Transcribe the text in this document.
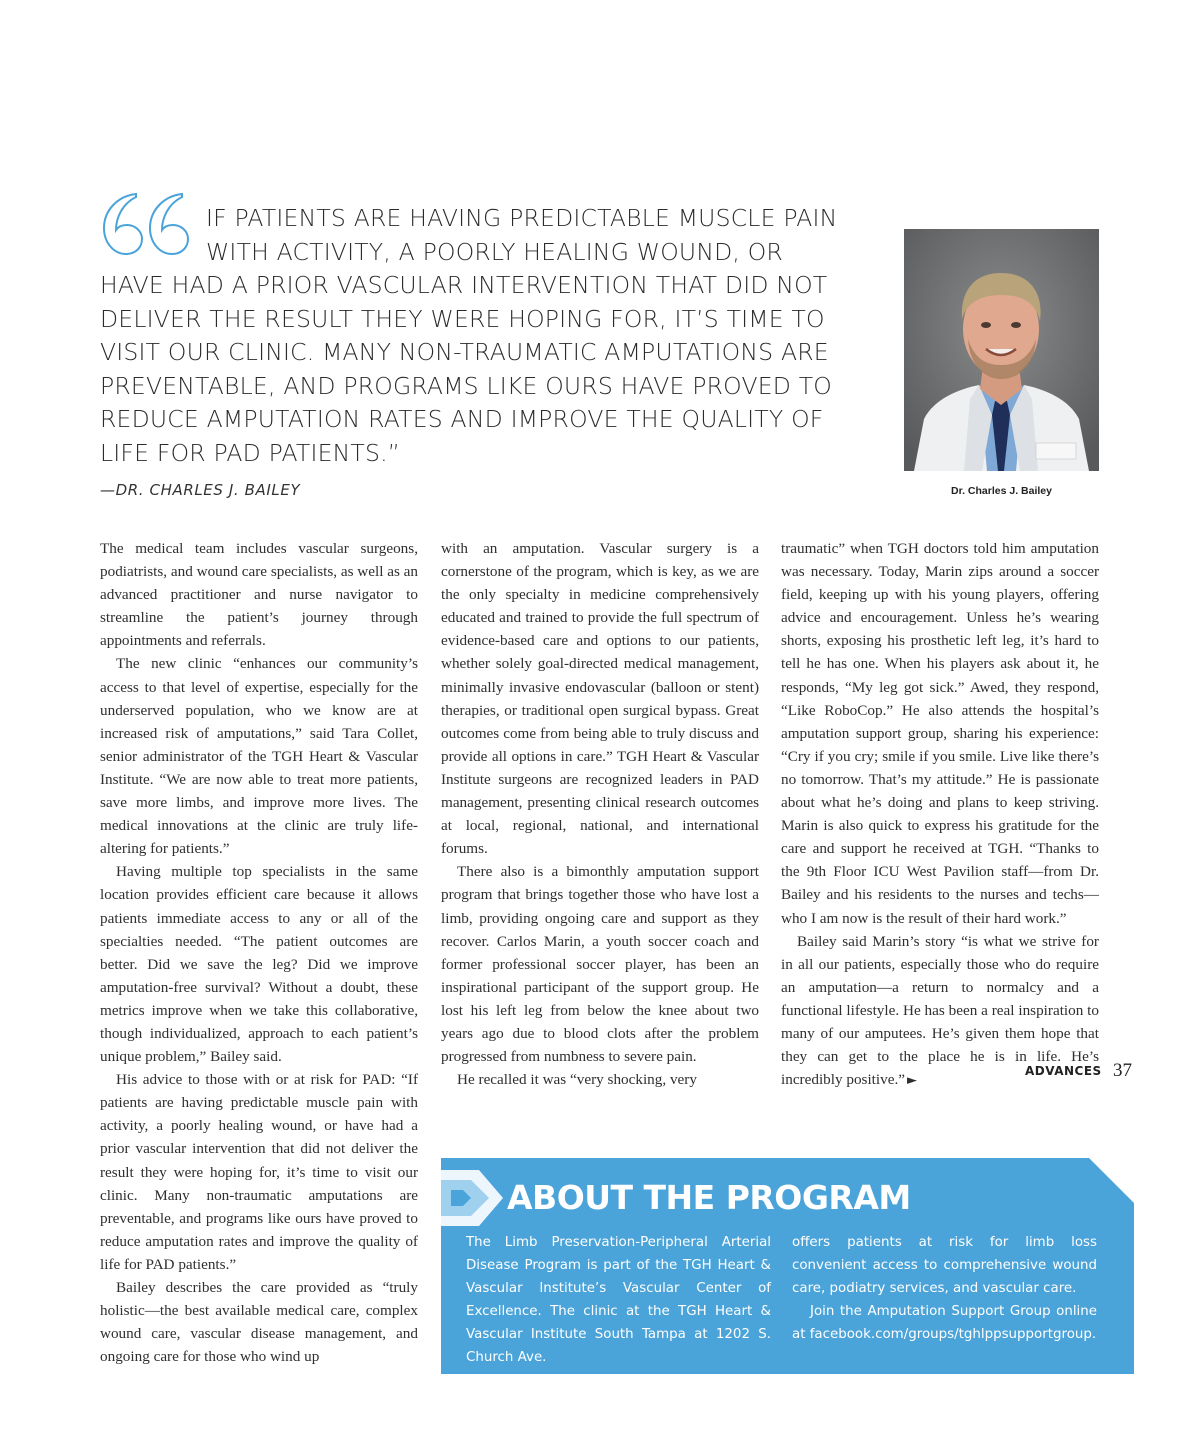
IF PATIENTS ARE HAVING PREDICTABLE MUSCLE PAIN
WITH ACTIVITY, A POORLY HEALING WOUND, OR
HAVE HAD A PRIOR VASCULAR INTERVENTION THAT DID NOT
DELIVER THE RESULT THEY WERE HOPING FOR, IT’S TIME TO
VISIT OUR CLINIC. MANY NON-TRAUMATIC AMPUTATIONS ARE
PREVENTABLE, AND PROGRAMS LIKE OURS HAVE PROVED TO
REDUCE AMPUTATION RATES AND IMPROVE THE QUALITY OF
LIFE FOR PAD PATIENTS.”
—DR. CHARLES J. BAILEY	Dr. Charles J. Bailey

The medical team includes vascular surgeons, podiatrists, and wound care specialists, as well as an advanced practitioner and nurse navigator to streamline the patient’s journey through appointments and referrals.

The new clinic “enhances our community’s access to that level of expertise, especially for the underserved population, who we know are at increased risk of amputations,” said Tara Collet, senior administrator of the TGH Heart & Vascular Institute. “We are now able to treat more patients, save more limbs, and improve more lives. The medical innovations at the clinic are truly life-altering for patients.”

Having multiple top specialists in the same location provides efficient care because it allows patients immediate access to any or all of the specialties needed. “The patient outcomes are better. Did we save the leg? Did we improve amputation-free survival? Without a doubt, these metrics improve when we take this collaborative, though individualized, approach to each patient’s unique problem,” Bailey said.

His advice to those with or at risk for PAD: “If patients are having predictable muscle pain with activity, a poorly healing wound, or have had a prior vascular intervention that did not deliver the result they were hoping for, it’s time to visit our clinic. Many non-traumatic amputations are preventable, and programs like ours have proved to reduce amputation rates and improve the quality of life for PAD patients.”

Bailey describes the care provided as “truly holistic—the best available medical care, complex wound care, vascular disease management, and ongoing care for those who wind up

with an amputation. Vascular surgery is a cornerstone of the program, which is key, as we are the only specialty in medicine comprehensively educated and trained to provide the full spectrum of evidence-based care and options to our patients, whether solely goal-directed medical management, minimally invasive endovascular (balloon or stent) therapies, or traditional open surgical bypass. Great outcomes come from being able to truly discuss and provide all options in care.” TGH Heart & Vascular Institute surgeons are recognized leaders in PAD management, presenting clinical research outcomes at local, regional, national, and international forums.

There also is a bimonthly amputation support program that brings together those who have lost a limb, providing ongoing care and support as they recover. Carlos Marin, a youth soccer coach and former professional soccer player, has been an inspirational participant of the support group. He lost his left leg from below the knee about two years ago due to blood clots after the problem progressed from numbness to severe pain.

He recalled it was “very shocking, very

traumatic” when TGH doctors told him amputation was necessary. Today, Marin zips around a soccer field, keeping up with his young players, offering advice and encouragement. Unless he’s wearing shorts, exposing his prosthetic left leg, it’s hard to tell he has one. When his players ask about it, he responds, “My leg got sick.” Awed, they respond, “Like RoboCop.” He also attends the hospital’s amputation support group, sharing his experience: “Cry if you cry; smile if you smile. Live like there’s no tomorrow. That’s my attitude.” He is passionate about what he’s doing and plans to keep striving. Marin is also quick to express his gratitude for the care and support he received at TGH. “Thanks to the 9th Floor ICU West Pavilion staff—from Dr. Bailey and his residents to the nurses and techs—who I am now is the result of their hard work.”

Bailey said Marin’s story “is what we strive for in all our patients, especially those who do require an amputation—a return to normalcy and a functional lifestyle. He has been a real inspiration to many of our amputees. He’s given them hope that they can get to the place he is in life. He’s incredibly positive.” ►

ABOUT THE PROGRAM

The Limb Preservation-Peripheral Arterial Disease Program is part of the TGH Heart & Vascular Institute’s Vascular Center of Excellence. The clinic at the TGH Heart & Vascular Institute South Tampa at 1202 S. Church Ave.

offers patients at risk for limb loss convenient access to comprehensive wound care, podiatry services, and vascular care.

Join the Amputation Support Group online at facebook.com/groups/tghlppsupportgroup.

ADVANCES 37
